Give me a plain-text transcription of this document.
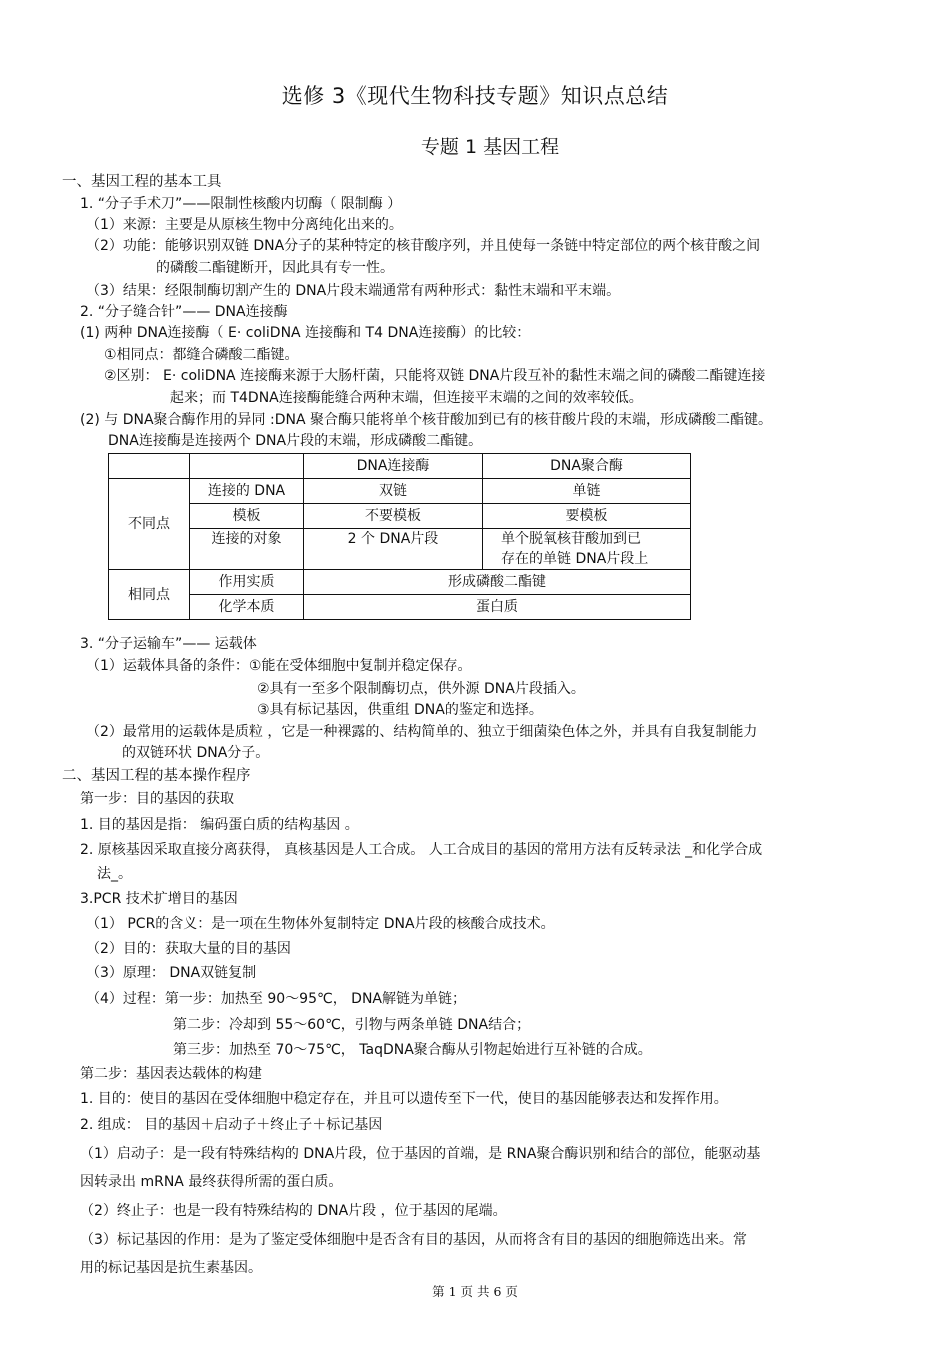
选修 3《现代生物科技专题》知识点总结
专题 1 基因工程
一、基因工程的基本工具
1. “分子手术刀”——限制性核酸内切酶（ 限制酶 ）
（1）来源：主要是从原核生物中分离纯化出来的。
（2）功能：能够识别双链 DNA分子的某种特定的核苷酸序列，并且使每一条链中特定部位的两个核苷酸之间
的磷酸二酯键断开，因此具有专一性。
（3）结果：经限制酶切割产生的 DNA片段末端通常有两种形式：黏性末端和平末端。
2. “分子缝合针”—— DNA连接酶
(1) 两种 DNA连接酶（ E· coliDNA 连接酶和 T4 DNA连接酶）的比较：
①相同点：都缝合磷酸二酯键。
②区别： E· coliDNA 连接酶来源于大肠杆菌，只能将双链 DNA片段互补的黏性末端之间的磷酸二酯键连接
起来；而 T4DNA连接酶能缝合两种末端，但连接平末端的之间的效率较低。
(2) 与 DNA聚合酶作用的异同 :DNA 聚合酶只能将单个核苷酸加到已有的核苷酸片段的末端，形成磷酸二酯键。
DNA连接酶是连接两个 DNA片段的末端，形成磷酸二酯键。
		DNA连接酶	DNA聚合酶
不同点	连接的 DNA	双链	单链
	模板	不要模板	要模板
	连接的对象	2 个 DNA片段	单个脱氧核苷酸加到已
存在的单链 DNA片段上

相同点	作用实质	形成磷酸二酯键	
	化学本质	蛋白质	
3. “分子运输车”—— 运载体
（1）运载体具备的条件：①能在受体细胞中复制并稳定保存。
②具有一至多个限制酶切点，供外源 DNA片段插入。
③具有标记基因，供重组 DNA的鉴定和选择。
（2）最常用的运载体是质粒 ，它是一种裸露的、结构简单的、独立于细菌染色体之外，并具有自我复制能力
的双链环状 DNA分子。
二、基因工程的基本操作程序
第一步：目的基因的获取
1. 目的基因是指： 编码蛋白质的结构基因 。
2. 原核基因采取直接分离获得， 真核基因是人工合成。 人工合成目的基因的常用方法有反转录法 _和化学合成
法_。
3.PCR 技术扩增目的基因
（1） PCR的含义：是一项在生物体外复制特定 DNA片段的核酸合成技术。
（2）目的：获取大量的目的基因
（3）原理： DNA双链复制
（4）过程：第一步：加热至 90～95℃， DNA解链为单链；
第二步：冷却到 55～60℃，引物与两条单链 DNA结合；
第三步：加热至 70～75℃， TaqDNA聚合酶从引物起始进行互补链的合成。
第二步：基因表达载体的构建
1. 目的：使目的基因在受体细胞中稳定存在，并且可以遗传至下一代，使目的基因能够表达和发挥作用。
2. 组成： 目的基因＋启动子＋终止子＋标记基因
（1）启动子：是一段有特殊结构的 DNA片段，位于基因的首端，是 RNA聚合酶识别和结合的部位，能驱动基
因转录出 mRNA 最终获得所需的蛋白质。
（2）终止子：也是一段有特殊结构的 DNA片段 ，位于基因的尾端。
（3）标记基因的作用：是为了鉴定受体细胞中是否含有目的基因，从而将含有目的基因的细胞筛选出来。常
用的标记基因是抗生素基因。
第 1 页 共 6 页
